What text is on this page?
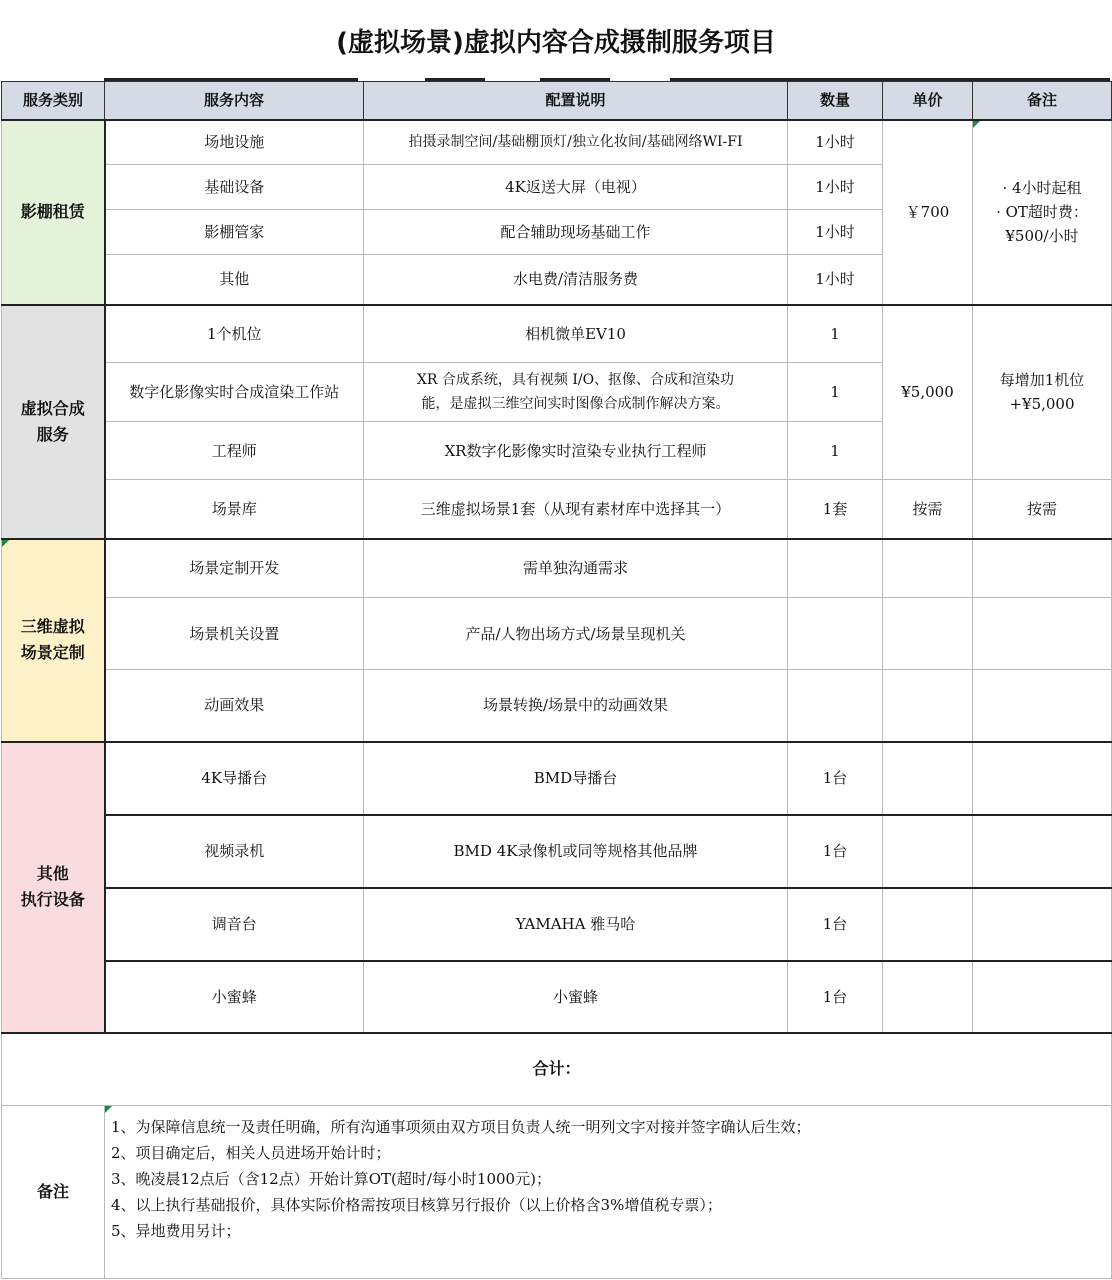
(虚拟场景)虚拟内容合成摄制服务项目
服务类别	服务内容	配置说明	数量	单价	备注
影棚租赁	场地设施	拍摄录制空间/基础棚顶灯/独立化妆间/基础网络WI-FI	1小时	￥700	· 4小时起租
· OT超时费：
¥500/小时

	基础设备	4K返送大屏（电视）	1小时		
	影棚管家	配合辅助现场基础工作	1小时		
	其他	水电费/清洁服务费	1小时		

虚拟合成
服务	1个机位	相机微单EV10	1	¥5,000	每增加1机位
+¥5,000

	数字化影像实时合成渲染工作站	XR 合成系统，具有视频 I/O、抠像、合成和渲染功
能，是虚拟三维空间实时图像合成制作解决方案。	1		
	工程师	XR数字化影像实时渲染专业执行工程师	1		
	场景库	三维虚拟场景1套（从现有素材库中选择其一）	1套	按需	按需

三维虚拟
场景定制	场景定制开发	需单独沟通需求			
	场景机关设置	产品/人物出场方式/场景呈现机关			
	动画效果	场景转换/场景中的动画效果			

其他
执行设备	4K导播台	BMD导播台	1台		
	视频录机	BMD 4K录像机或同等规格其他品牌	1台		
	调音台	YAMAHA 雅马哈	1台		
	小蜜蜂	小蜜蜂	1台		
合计：					
备注	1、为保障信息统一及责任明确，所有沟通事项须由双方项目负责人统一明列文字对接并签字确认后生效；
2、项目确定后，相关人员进场开始计时；
3、晚凌晨12点后（含12点）开始计算OT(超时/每小时1000元)；
4、以上执行基础报价，具体实际价格需按项目核算另行报价（以上价格含3%增值税专票）；
5、异地费用另计；				
